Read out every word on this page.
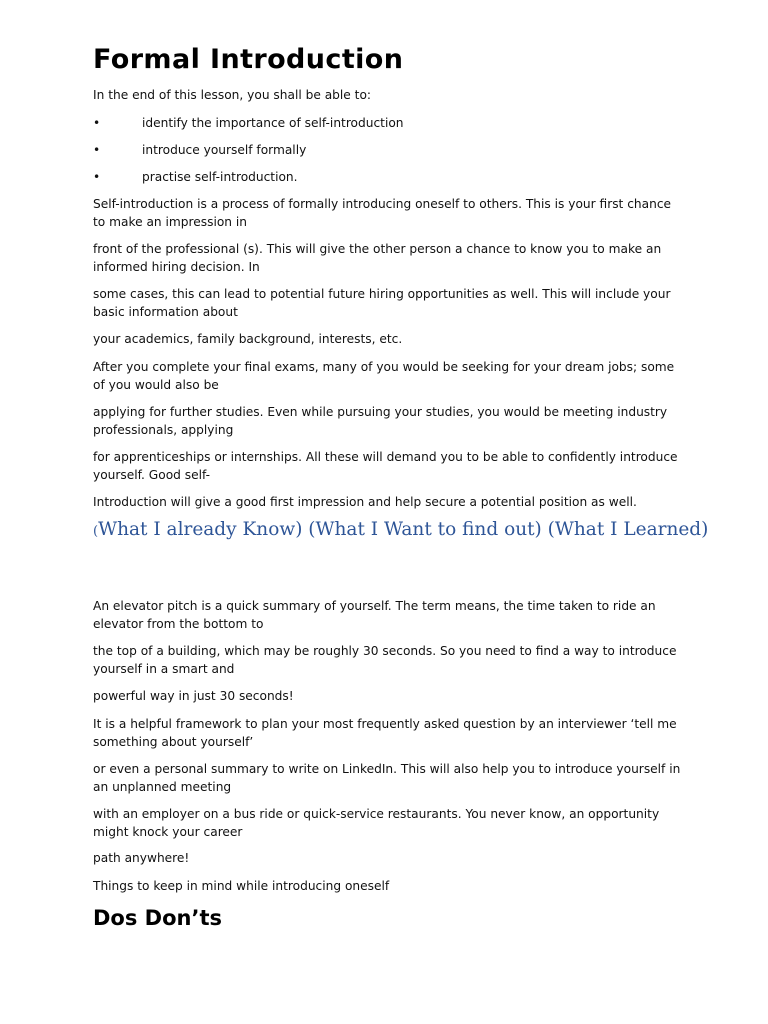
Formal Introduction

In the end of this lesson, you shall be able to:

•	identify the importance of self-introduction
•	introduce yourself formally
•	practise self-introduction.

Self-introduction is a process of formally introducing oneself to others. This is your first chance to make an impression in

front of the professional (s). This will give the other person a chance to know you to make an informed hiring decision. In

some cases, this can lead to potential future hiring opportunities as well. This will include your basic information about

your academics, family background, interests, etc.

After you complete your final exams, many of you would be seeking for your dream jobs; some of you would also be

applying for further studies. Even while pursuing your studies, you would be meeting industry professionals, applying

for apprenticeships or internships. All these will demand you to be able to confidently introduce yourself. Good self-

Introduction will give a good first impression and help secure a potential position as well.

(What I already Know) (What I Want to find out) (What I Learned)

An elevator pitch is a quick summary of yourself. The term means, the time taken to ride an elevator from the bottom to

the top of a building, which may be roughly 30 seconds. So you need to find a way to introduce yourself in a smart and

powerful way in just 30 seconds!

It is a helpful framework to plan your most frequently asked question by an interviewer ‘tell me something about yourself’

or even a personal summary to write on LinkedIn. This will also help you to introduce yourself in an unplanned meeting

with an employer on a bus ride or quick-service restaurants. You never know, an opportunity might knock your career

path anywhere!

Things to keep in mind while introducing oneself

Dos Don’ts
